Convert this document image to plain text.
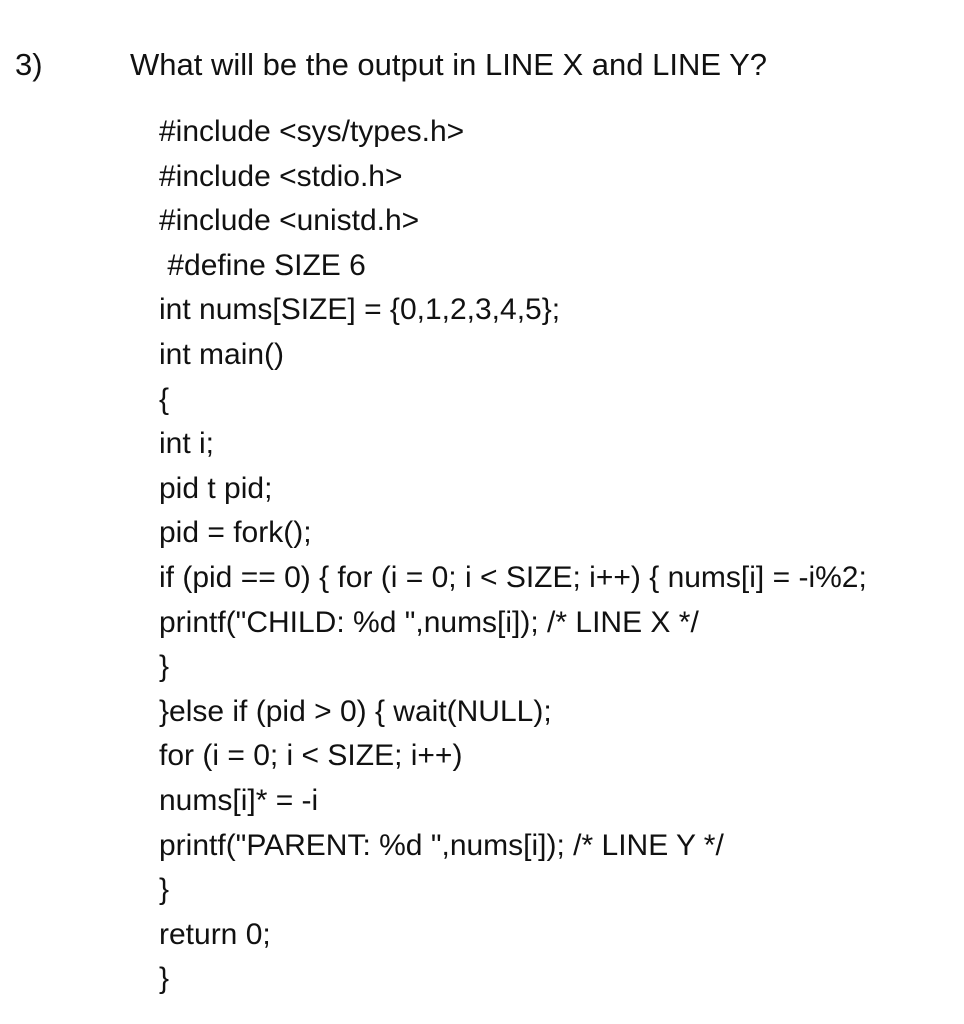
3)	What will be the output in LINE X and LINE Y?
#include <sys/types.h>
#include <stdio.h>
#include <unistd.h>
#define SIZE 6
int nums[SIZE] = {0,1,2,3,4,5};
int main()
{
int i;
pid t pid;
pid = fork();
if (pid == 0) { for (i = 0; i < SIZE; i++) { nums[i] = -i%2;
printf("CHILD: %d ",nums[i]); /* LINE X */
}
}else if (pid > 0) { wait(NULL);
for (i = 0; i < SIZE; i++)
nums[i]* = -i
printf("PARENT: %d ",nums[i]); /* LINE Y */
}
return 0;
}
